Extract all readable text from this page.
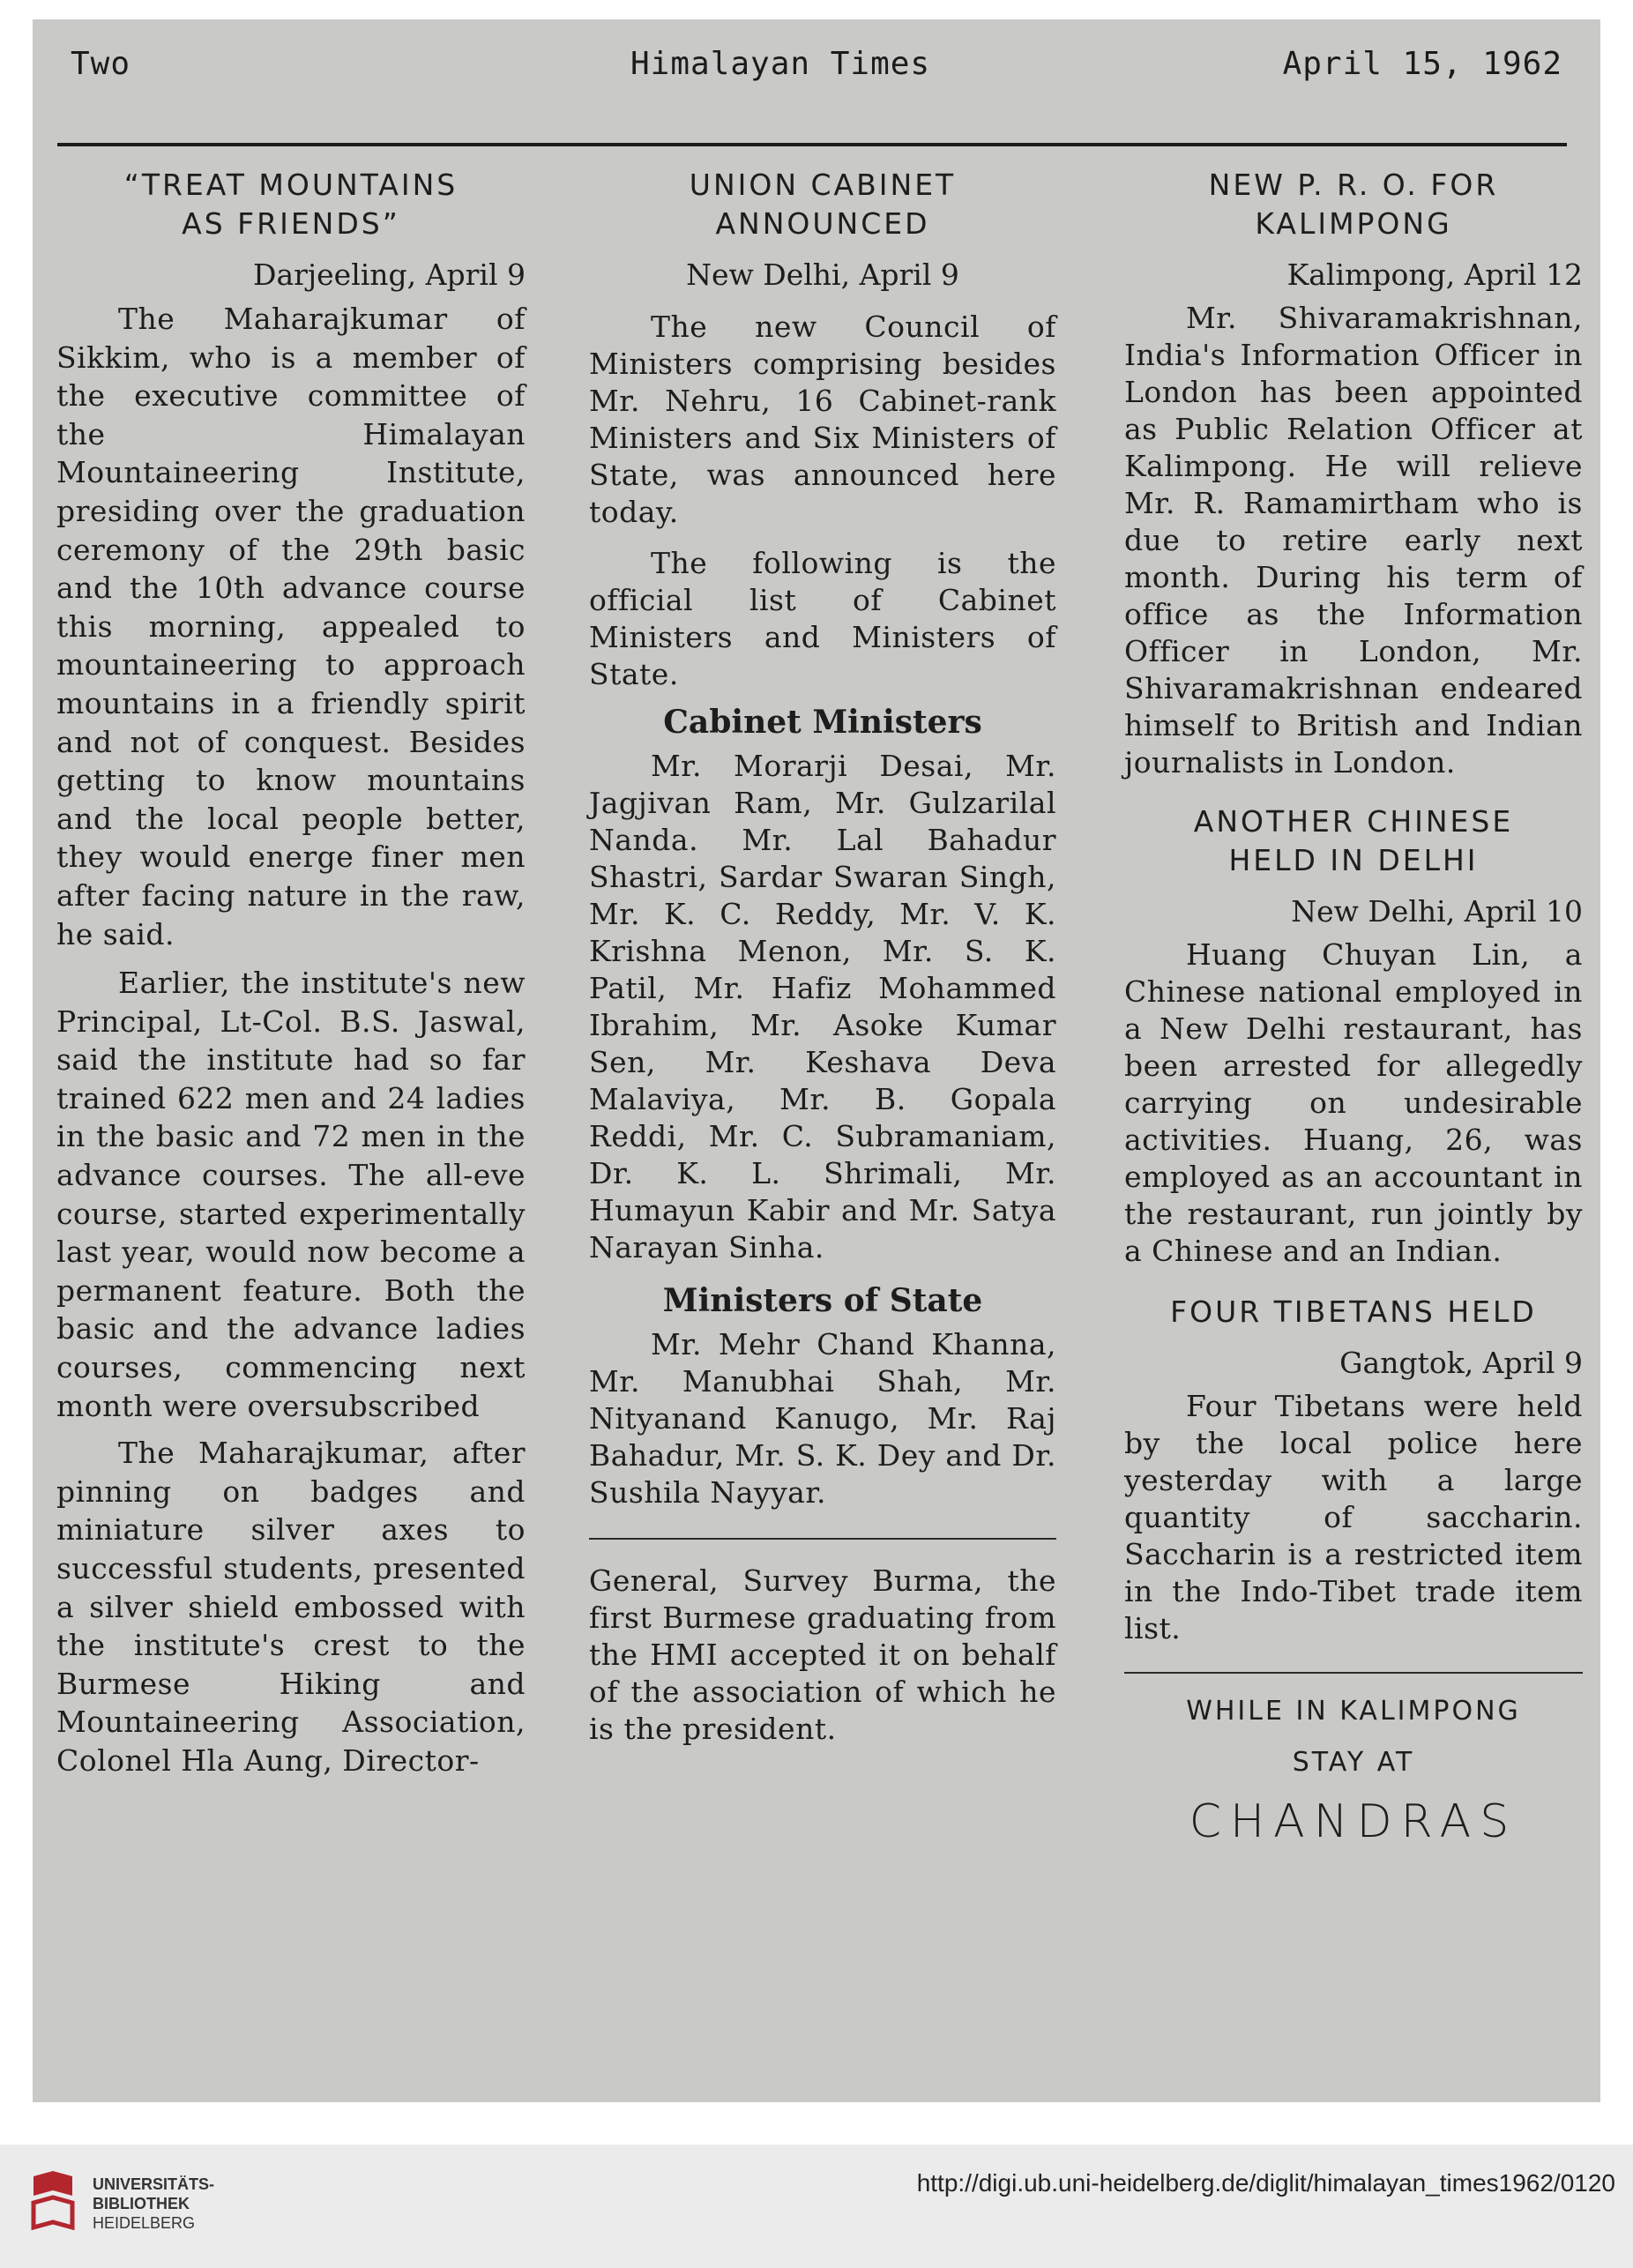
Two	Himalayan Times	April 15, 1962
“TREAT MOUNTAINS
AS FRIENDS”
Darjeeling, April 9

The Maharajkumar of Sikkim, who is a member of the executive committee of the Himalayan Mountaineering Institute, presiding over the graduation ceremony of the 29th basic and the 10th advance course this morning, appealed to mountaineering to approach mountains in a friendly spirit and not of conquest. Besides getting to know mountains and the local people better, they would energe finer men after facing nature in the raw, he said.

Earlier, the institute's new Principal, Lt-Col. B.S. Jaswal, said the institute had so far trained 622 men and 24 ladies in the basic and 72 men in the advance courses. The all-eve course, started experimentally last year, would now become a permanent feature. Both the basic and the advance ladies courses, commencing next month were oversubscribed

The Maharajkumar, after pinning on badges and miniature silver axes to successful students, presented a silver shield embossed with the institute's crest to the Burmese Hiking and Mountaineering Association, Colonel Hla Aung, Director-

UNION CABINET
ANNOUNCED
New Delhi, April 9

The new Council of Ministers comprising besides Mr. Nehru, 16 Cabinet-rank Ministers and Six Ministers of State, was announced here today.

The following is the official list of Cabinet Ministers and Ministers of State.

Cabinet Ministers

Mr. Morarji Desai, Mr. Jagjivan Ram, Mr. Gulzarilal Nanda. Mr. Lal Bahadur Shastri, Sardar Swaran Singh, Mr. K. C. Reddy, Mr. V. K. Krishna Menon, Mr. S. K. Patil, Mr. Hafiz Mohammed Ibrahim, Mr. Asoke Kumar Sen, Mr. Keshava Deva Malaviya, Mr. B. Gopala Reddi, Mr. C. Subramaniam, Dr. K. L. Shrimali, Mr. Humayun Kabir and Mr. Satya Narayan Sinha.

Ministers of State

Mr. Mehr Chand Khanna, Mr. Manubhai Shah, Mr. Nityanand Kanugo, Mr. Raj Bahadur, Mr. S. K. Dey and Dr. Sushila Nayyar.

General, Survey Burma, the first Burmese graduating from the HMI accepted it on behalf of the association of which he is the president.

NEW P. R. O. FOR
KALIMPONG
Kalimpong, April 12

Mr. Shivaramakrishnan, India's Information Officer in London has been appointed as Public Relation Officer at Kalimpong. He will relieve Mr. R. Ramamirtham who is due to retire early next month. During his term of office as the Information Officer in London, Mr. Shivaramakrishnan endeared himself to British and Indian journalists in London.

ANOTHER CHINESE
HELD IN DELHI
New Delhi, April 10

Huang Chuyan Lin, a Chinese national employed in a New Delhi restaurant, has been arrested for allegedly carrying on undesirable activities. Huang, 26, was employed as an accountant in the restaurant, run jointly by a Chinese and an Indian.

FOUR TIBETANS HELD
Gangtok, April 9

Four Tibetans were held by the local police here yesterday with a large quantity of saccharin. Saccharin is a restricted item in the Indo-Tibet trade item list.

WHILE IN KALIMPONG
STAY AT
CHANDRAS
UNIVERSITÄTS-
BIBLIOTHEK
HEIDELBERG
http://digi.ub.uni-heidelberg.de/diglit/himalayan_times1962/0120
